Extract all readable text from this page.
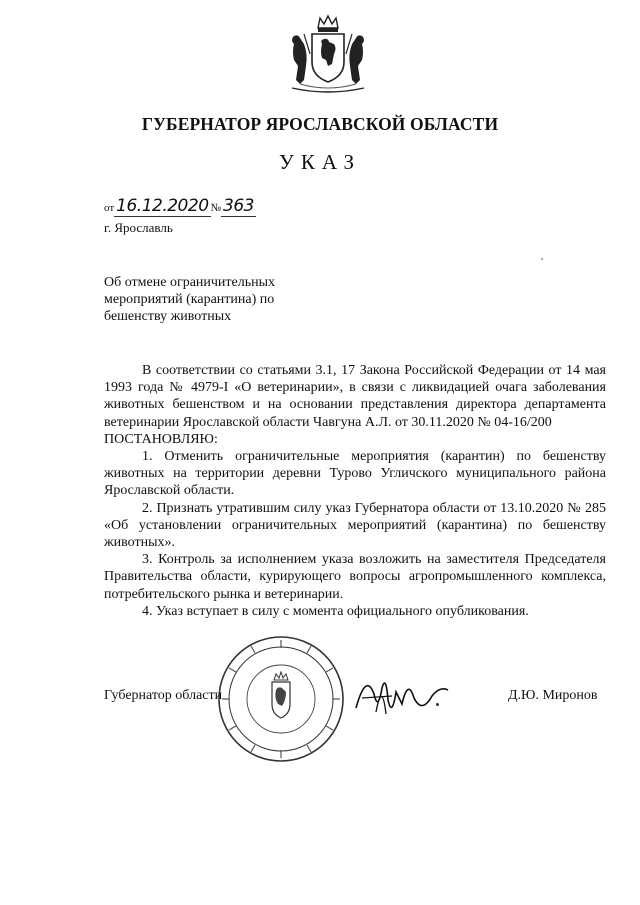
ГУБЕРНАТОР ЯРОСЛАВСКОЙ ОБЛАСТИ
УКАЗ
от 16.12.2020 № 363
г. Ярославль
Об отмене ограничительных
мероприятий (карантина) по
бешенству животных

В соответствии со статьями 3.1, 17 Закона Российской Федерации от 14 мая 1993 года № 4979-I «О ветеринарии», в связи с ликвидацией очага заболевания животных бешенством и на основании представления директора департамента ветеринарии Ярославской области Чавгуна А.Л. от 30.11.2020 № 04-16/200

ПОСТАНОВЛЯЮ:

1. Отменить ограничительные мероприятия (карантин) по бешенству животных на территории деревни Турово Угличского муниципального района Ярославской области.

2. Признать утратившим силу указ Губернатора области от 13.10.2020 № 285 «Об установлении ограничительных мероприятий (карантина) по бешенству животных».

3. Контроль за исполнением указа возложить на заместителя Председателя Правительства области, курирующего вопросы агропромышленного комплекса, потребительского рынка и ветеринарии.

4. Указ вступает в силу с момента официального опубликования.

Губернатор области	Д.Ю. Миронов
